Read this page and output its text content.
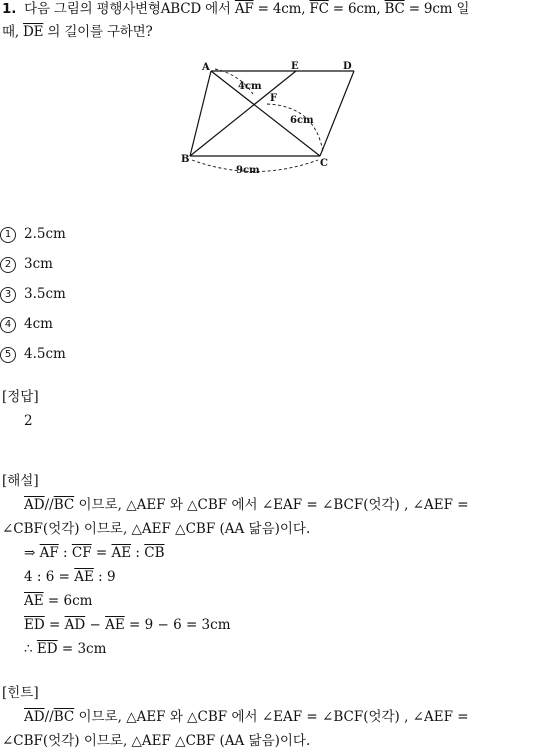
1. 다음 그림의 평행사변형ABCD 에서 $\overline{AF} = 4cm$, $\overline{FC} = 6cm$, $\overline{BC} = 9cm$ 일
때, $\overline{DE}$ 의 길이를 구하면?
A	E	D
F
B	C
4cm
6cm
9cm
1 2.5cm
2 3cm
3 3.5cm
4 4cm
5 4.5cm
[정답]
2
[해설]
$\overline{AD}//\overline{BC}$ 이므로, △AEF 와 △CBF 에서 ∠EAF = ∠BCF(엇각) , ∠AEF =
∠CBF(엇각) 이므로, △AEF △CBF (AA 닮음)이다.
⇒ $\overline{AF}$ : $\overline{CF} = \overline{AE}$ : $\overline{CB}$
4 : $6 = \overline{AE}$ : 9
$\overline{AE} = 6cm$
$\overline{ED} = \overline{AD} - \overline{AE} = 9 - 6 = 3cm$
∴ $\overline{ED} = 3cm$
[힌트]
$\overline{AD}//\overline{BC}$ 이므로, △AEF 와 △CBF 에서 ∠EAF = ∠BCF(엇각) , ∠AEF =
∠CBF(엇각) 이므로, △AEF △CBF (AA 닮음)이다.
